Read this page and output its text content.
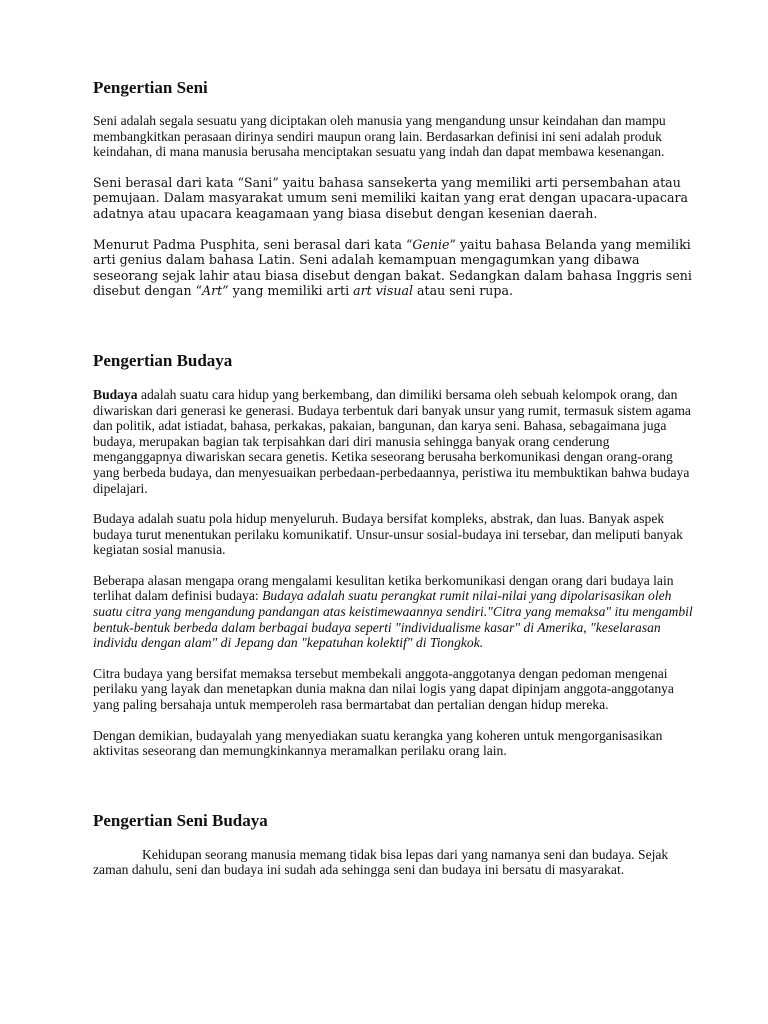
Pengertian Seni

Seni adalah segala sesuatu yang diciptakan oleh manusia yang mengandung unsur keindahan dan mampu membangkitkan perasaan dirinya sendiri maupun orang lain. Berdasarkan definisi ini seni adalah produk keindahan, di mana manusia berusaha menciptakan sesuatu yang indah dan dapat membawa kesenangan.

Seni berasal dari kata “Sani” yaitu bahasa sansekerta yang memiliki arti persembahan atau pemujaan. Dalam masyarakat umum seni memiliki kaitan yang erat dengan upacara-upacara adatnya atau upacara keagamaan yang biasa disebut dengan kesenian daerah.

Menurut Padma Pusphita, seni berasal dari kata “Genie” yaitu bahasa Belanda yang memiliki arti genius dalam bahasa Latin. Seni adalah kemampuan mengagumkan yang dibawa seseorang sejak lahir atau biasa disebut dengan bakat. Sedangkan dalam bahasa Inggris seni disebut dengan “Art” yang memiliki arti art visual atau seni rupa.

Pengertian Budaya

Budaya adalah suatu cara hidup yang berkembang, dan dimiliki bersama oleh sebuah kelompok orang, dan diwariskan dari generasi ke generasi. Budaya terbentuk dari banyak unsur yang rumit, termasuk sistem agama dan politik, adat istiadat, bahasa, perkakas, pakaian, bangunan, dan karya seni. Bahasa, sebagaimana juga budaya, merupakan bagian tak terpisahkan dari diri manusia sehingga banyak orang cenderung menganggapnya diwariskan secara genetis. Ketika seseorang berusaha berkomunikasi dengan orang-orang yang berbeda budaya, dan menyesuaikan perbedaan-perbedaannya, peristiwa itu membuktikan bahwa budaya dipelajari.

Budaya adalah suatu pola hidup menyeluruh. Budaya bersifat kompleks, abstrak, dan luas. Banyak aspek budaya turut menentukan perilaku komunikatif. Unsur-unsur sosial-budaya ini tersebar, dan meliputi banyak kegiatan sosial manusia.

Beberapa alasan mengapa orang mengalami kesulitan ketika berkomunikasi dengan orang dari budaya lain terlihat dalam definisi budaya: Budaya adalah suatu perangkat rumit nilai-nilai yang dipolarisasikan oleh suatu citra yang mengandung pandangan atas keistimewaannya sendiri."Citra yang memaksa" itu mengambil bentuk-bentuk berbeda dalam berbagai budaya seperti "individualisme kasar" di Amerika, "keselarasan individu dengan alam" di Jepang dan "kepatuhan kolektif" di Tiongkok.

Citra budaya yang bersifat memaksa tersebut membekali anggota-anggotanya dengan pedoman mengenai perilaku yang layak dan menetapkan dunia makna dan nilai logis yang dapat dipinjam anggota-anggotanya yang paling bersahaja untuk memperoleh rasa bermartabat dan pertalian dengan hidup mereka.

Dengan demikian, budayalah yang menyediakan suatu kerangka yang koheren untuk mengorganisasikan aktivitas seseorang dan memungkinkannya meramalkan perilaku orang lain.

Pengertian Seni Budaya

Kehidupan seorang manusia memang tidak bisa lepas dari yang namanya seni dan budaya. Sejak zaman dahulu, seni dan budaya ini sudah ada sehingga seni dan budaya ini bersatu di masyarakat.
